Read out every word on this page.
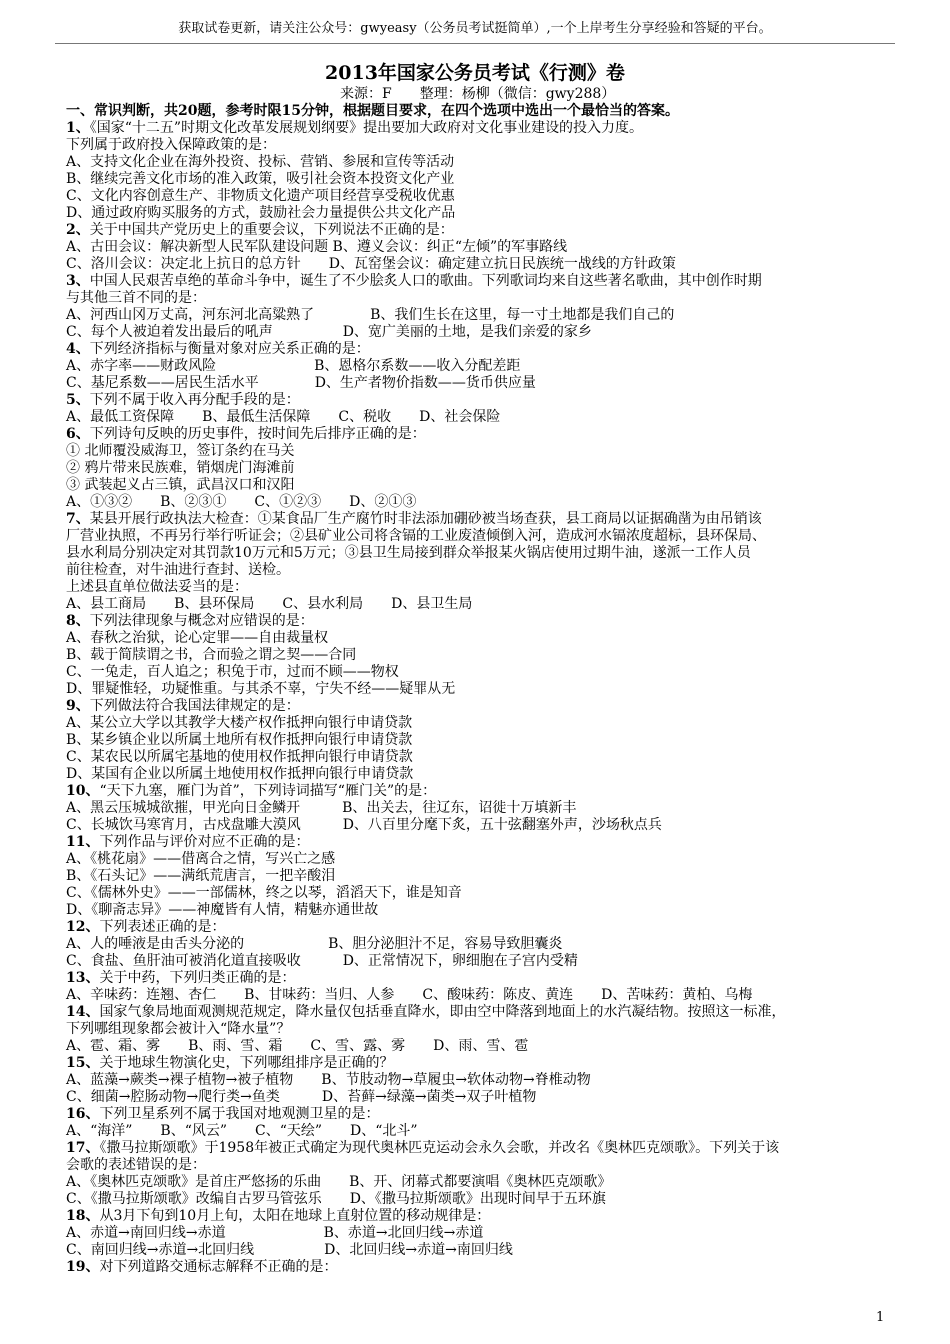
获取试卷更新，请关注公众号：gwyeasy（公务员考试挺简单）,一个上岸考生分享经验和答疑的平台。
2013年国家公务员考试《行测》卷
来源：F　　整理：杨柳（微信：gwy288）
一、常识判断，共20题，参考时限15分钟，根据题目要求，在四个选项中选出一个最恰当的答案。
1、《国家“十二五”时期文化改革发展规划纲要》提出要加大政府对文化事业建设的投入力度。
下列属于政府投入保障政策的是：
A、支持文化企业在海外投资、投标、营销、参展和宣传等活动
B、继续完善文化市场的准入政策，吸引社会资本投资文化产业
C、文化内容创意生产、非物质文化遗产项目经营享受税收优惠
D、通过政府购买服务的方式，鼓励社会力量提供公共文化产品
2、关于中国共产党历史上的重要会议，下列说法不正确的是：
A、古田会议：解决新型人民军队建设问题 B、遵义会议：纠正“左倾”的军事路线
C、洛川会议：决定北上抗日的总方针　　D、瓦窑堡会议：确定建立抗日民族统一战线的方针政策
3、中国人民艰苦卓绝的革命斗争中，诞生了不少脍炙人口的歌曲。下列歌词均来自这些著名歌曲，其中创作时期
与其他三首不同的是：
A、河西山冈万丈高，河东河北高粱熟了　　　　B、我们生长在这里，每一寸土地都是我们自己的
C、每个人被迫着发出最后的吼声　　　　　D、宽广美丽的土地，是我们亲爱的家乡
4、下列经济指标与衡量对象对应关系正确的是：
A、赤字率——财政风险　　　　　　　B、恩格尔系数——收入分配差距
C、基尼系数——居民生活水平　　　　D、生产者物价指数——货币供应量
5、下列不属于收入再分配手段的是：
A、最低工资保障　　B、最低生活保障　　C、税收　　D、社会保险
6、下列诗句反映的历史事件，按时间先后排序正确的是：
① 北师覆没威海卫，签订条约在马关
② 鸦片带来民族难，销烟虎门海滩前
③ 武装起义占三镇，武昌汉口和汉阳
A、①③②　　B、②③①　　C、①②③　　D、②①③
7、某县开展行政执法大检查：①某食品厂生产腐竹时非法添加硼砂被当场查获，县工商局以证据确凿为由吊销该
厂营业执照，不再另行举行听证会；②县矿业公司将含镉的工业废渣倾倒入河，造成河水镉浓度超标，县环保局、
县水利局分别决定对其罚款10万元和5万元；③县卫生局接到群众举报某火锅店使用过期牛油，遂派一工作人员
前往检查，对牛油进行查封、送检。
上述县直单位做法妥当的是：
A、县工商局　　B、县环保局　　C、县水利局　　D、县卫生局
8、下列法律现象与概念对应错误的是：
A、春秋之治狱，论心定罪——自由裁量权
B、载于简牍谓之书，合而验之谓之契——合同
C、一兔走，百人追之；积兔于市，过而不顾——物权
D、罪疑惟轻，功疑惟重。与其杀不辜，宁失不经——疑罪从无
9、下列做法符合我国法律规定的是：
A、某公立大学以其教学大楼产权作抵押向银行申请贷款
B、某乡镇企业以所属土地所有权作抵押向银行申请贷款
C、某农民以所属宅基地的使用权作抵押向银行申请贷款
D、某国有企业以所属土地使用权作抵押向银行申请贷款
10、“天下九塞，雁门为首”，下列诗词描写“雁门关”的是：
A、黑云压城城欲摧，甲光向日金鳞开　　　B、出关去，往辽东，诏徙十万填新丰
C、长城饮马寒宵月，古戍盘雕大漠风　　　D、八百里分麾下炙，五十弦翻塞外声，沙场秋点兵
11、下列作品与评价对应不正确的是：
A、《桃花扇》——借离合之情，写兴亡之感
B、《石头记》——满纸荒唐言，一把辛酸泪
C、《儒林外史》——一部儒林，终之以琴，滔滔天下，谁是知音
D、《聊斋志异》——神魔皆有人情，精魅亦通世故
12、下列表述正确的是：
A、人的唾液是由舌头分泌的　　　　　　B、胆分泌胆汁不足，容易导致胆囊炎
C、食盐、鱼肝油可被消化道直接吸收　　　D、正常情况下，卵细胞在子宫内受精
13、关于中药，下列归类正确的是：
A、辛味药：连翘、杏仁　　B、甘味药：当归、人参　　C、酸味药：陈皮、黄连　　D、苦味药：黄柏、乌梅
14、国家气象局地面观测规范规定，降水量仅包括垂直降水，即由空中降落到地面上的水汽凝结物。按照这一标准，
下列哪组现象都会被计入“降水量”？
A、雹、霜、雾　　B、雨、雪、霜　　C、雪、露、雾　　D、雨、雪、雹
15、关于地球生物演化史，下列哪组排序是正确的？
A、蓝藻→蕨类→裸子植物→被子植物　　B、节肢动物→草履虫→软体动物→脊椎动物
C、细菌→腔肠动物→爬行类→鱼类　　　D、苔藓→绿藻→菌类→双子叶植物
16、下列卫星系列不属于我国对地观测卫星的是：
A、“海洋”　　B、“风云”　　C、“天绘”　　D、“北斗”
17、《撒马拉斯颂歌》于1958年被正式确定为现代奥林匹克运动会永久会歌，并改名《奥林匹克颂歌》。下列关于该
会歌的表述错误的是：
A、《奥林匹克颂歌》是首庄严悠扬的乐曲　　B、开、闭幕式都要演唱《奥林匹克颂歌》
C、《撒马拉斯颂歌》改编自古罗马管弦乐　　D、《撒马拉斯颂歌》出现时间早于五环旗
18、从3月下旬到10月上旬，太阳在地球上直射位置的移动规律是：
A、赤道→南回归线→赤道　　　　　　　B、赤道→北回归线→赤道
C、南回归线→赤道→北回归线　　　　　D、北回归线→赤道→南回归线
19、对下列道路交通标志解释不正确的是：
1
